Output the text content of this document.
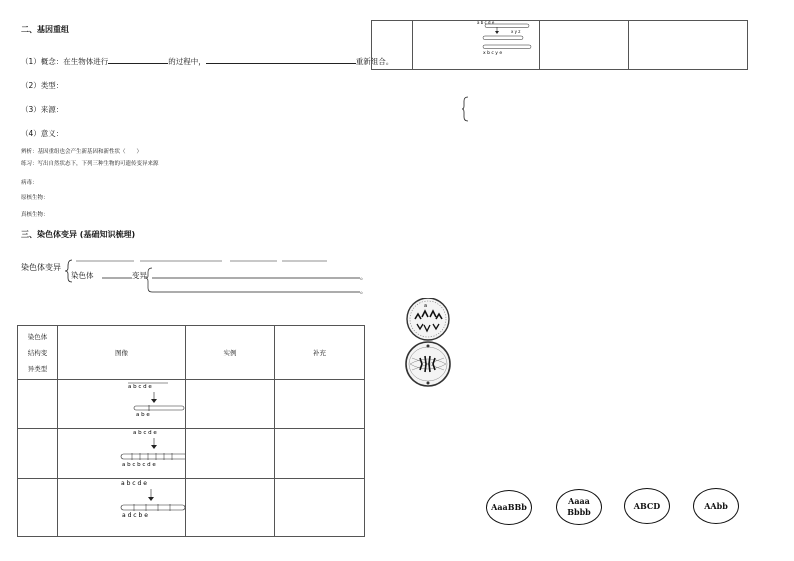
二、基因重组
（1）概念：在生物体进行	的过程中，	重新组合。
（2）类型：
（3）来源：
（4）意义：
辨析：基因重组也会产生新基因和新性状（　　）
练习：写出自然状态下，下列三种生物的可遗传变异来源
病毒：
原核生物：
真核生物：
三、染色体变异 (基础知识梳理)
染色体变异
染色体	变异	。
。
染色体
结构变
异类型	图像	实例	补充

a b c d e
a b e		

a b c d e
a b c b c d e		

a b c d e
a d c b e		

a b c d e
x y z
x b c y e

a
AaaBBb
Aaaa Bbbb
ABCD	AAbb
